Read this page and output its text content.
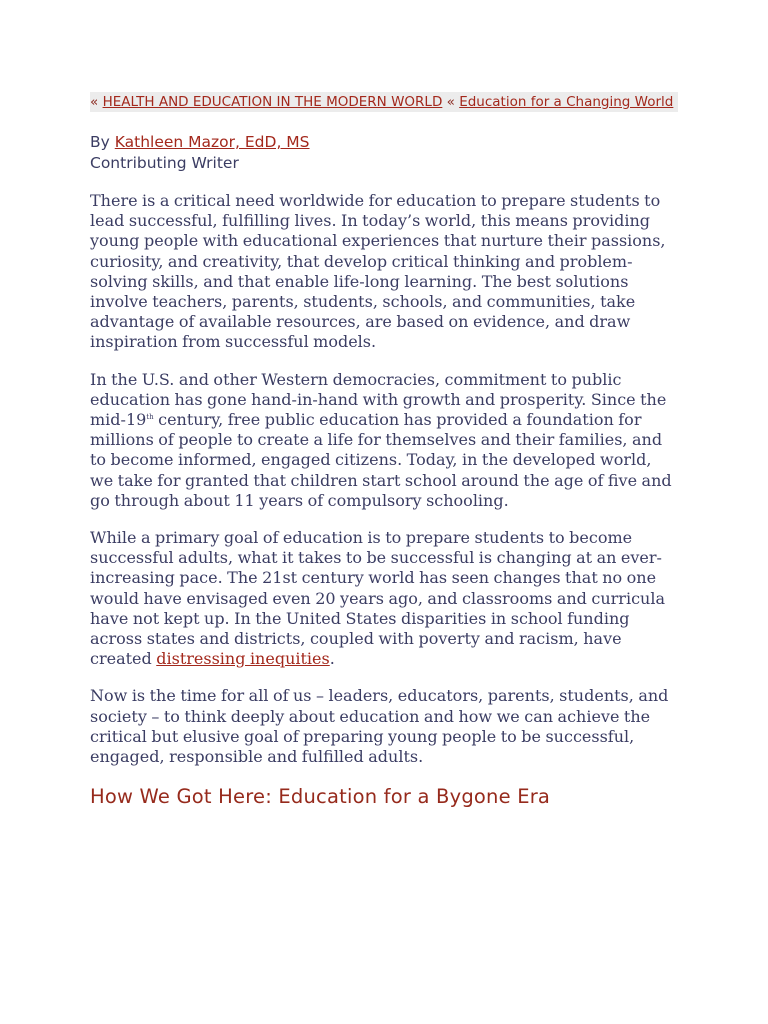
« HEALTH AND EDUCATION IN THE MODERN WORLD « Education for a Changing World
By Kathleen Mazor, EdD, MS
Contributing Writer

There is a critical need worldwide for education to prepare students to lead successful, fulfilling lives. In today’s world, this means providing young people with educational experiences that nurture their passions, curiosity, and creativity, that develop critical thinking and problem-solving skills, and that enable life-long learning. The best solutions involve teachers, parents, students, schools, and communities, take advantage of available resources, are based on evidence, and draw inspiration from successful models.

In the U.S. and other Western democracies, commitment to public education has gone hand-in-hand with growth and prosperity. Since the mid-19th century, free public education has provided a foundation for millions of people to create a life for themselves and their families, and to become informed, engaged citizens. Today, in the developed world, we take for granted that children start school around the age of five and go through about 11 years of compulsory schooling.

While a primary goal of education is to prepare students to become successful adults, what it takes to be successful is changing at an ever-increasing pace. The 21st century world has seen changes that no one would have envisaged even 20 years ago, and classrooms and curricula have not kept up. In the United States disparities in school funding across states and districts, coupled with poverty and racism, have created distressing inequities.

Now is the time for all of us – leaders, educators, parents, students, and society – to think deeply about education and how we can achieve the critical but elusive goal of preparing young people to be successful, engaged, responsible and fulfilled adults.

How We Got Here: Education for a Bygone Era
